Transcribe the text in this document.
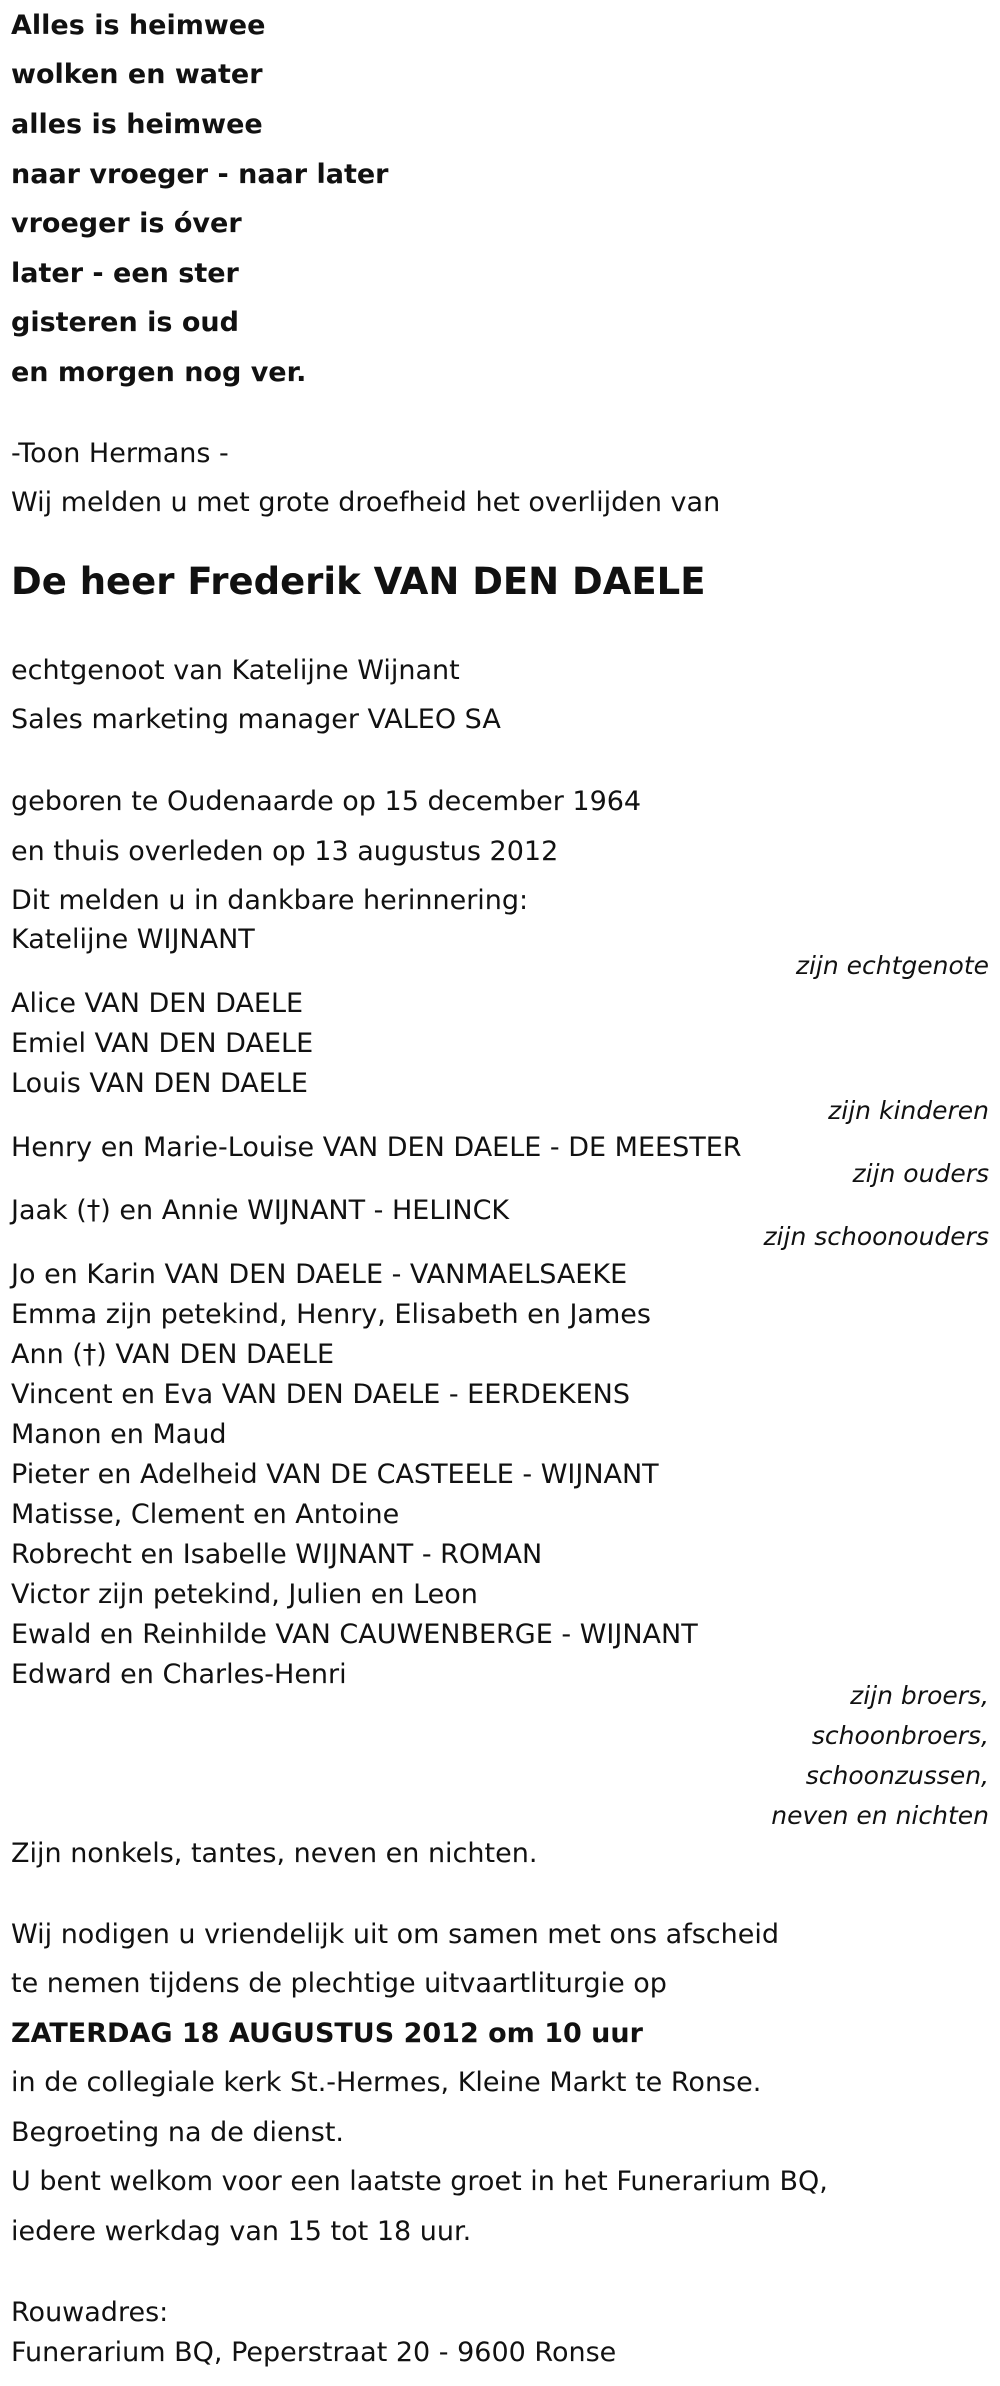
Alles is heimwee
wolken en water
alles is heimwee
naar vroeger - naar later
vroeger is óver
later - een ster
gisteren is oud
en morgen nog ver.
-Toon Hermans -
Wij melden u met grote droefheid het overlijden van
De heer Frederik VAN DEN DAELE
echtgenoot van Katelijne Wijnant
Sales marketing manager VALEO SA
geboren te Oudenaarde op 15 december 1964
en thuis overleden op 13 augustus 2012
Dit melden u in dankbare herinnering:
Katelijne WIJNANT
zijn echtgenote
Alice VAN DEN DAELE
Emiel VAN DEN DAELE
Louis VAN DEN DAELE
zijn kinderen
Henry en Marie-Louise VAN DEN DAELE - DE MEESTER
zijn ouders
Jaak (†) en Annie WIJNANT - HELINCK
zijn schoonouders
Jo en Karin VAN DEN DAELE - VANMAELSAEKE
Emma zijn petekind, Henry, Elisabeth en James
Ann (†) VAN DEN DAELE
Vincent en Eva VAN DEN DAELE - EERDEKENS
Manon en Maud
Pieter en Adelheid VAN DE CASTEELE - WIJNANT
Matisse, Clement en Antoine
Robrecht en Isabelle WIJNANT - ROMAN
Victor zijn petekind, Julien en Leon
Ewald en Reinhilde VAN CAUWENBERGE - WIJNANT
Edward en Charles-Henri
zijn broers,
schoonbroers,
schoonzussen,
neven en nichten
Zijn nonkels, tantes, neven en nichten.
Wij nodigen u vriendelijk uit om samen met ons afscheid
te nemen tijdens de plechtige uitvaartliturgie op
ZATERDAG 18 AUGUSTUS 2012 om 10 uur
in de collegiale kerk St.-Hermes, Kleine Markt te Ronse.
Begroeting na de dienst.
U bent welkom voor een laatste groet in het Funerarium BQ,
iedere werkdag van 15 tot 18 uur.
Rouwadres:
Funerarium BQ, Peperstraat 20 - 9600 Ronse
